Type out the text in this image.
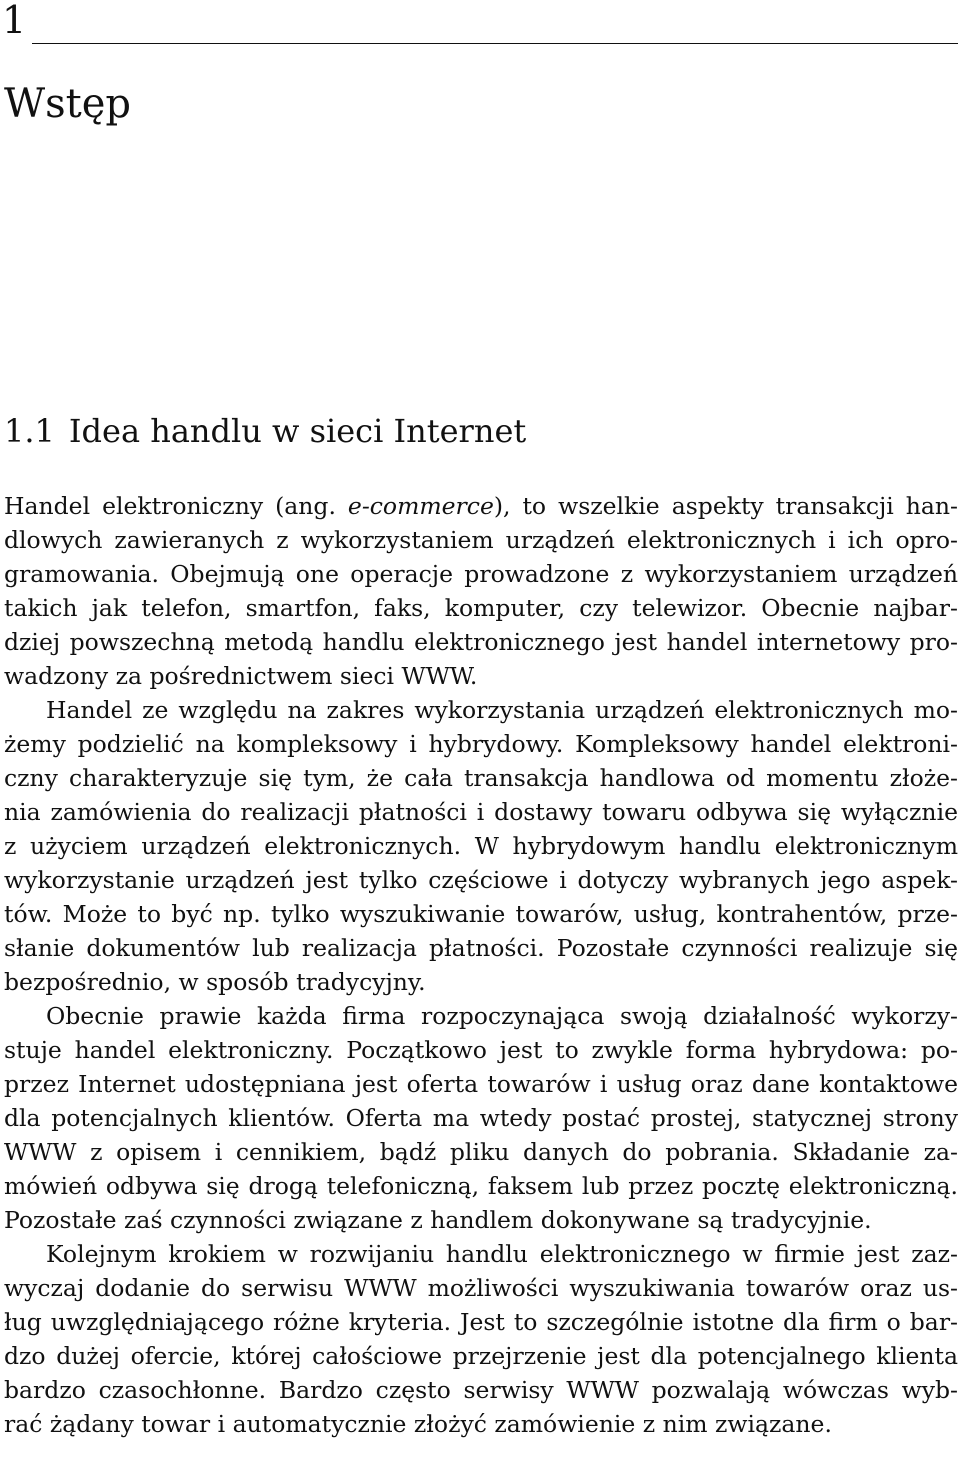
1
Wstęp
1.1 Idea handlu w sieci Internet
Handel elektroniczny (ang. e-commerce), to wszelkie aspekty transakcji han-
dlowych zawieranych z wykorzystaniem urządzeń elektronicznych i ich opro-
gramowania. Obejmują one operacje prowadzone z wykorzystaniem urządzeń
takich jak telefon, smartfon, faks, komputer, czy telewizor. Obecnie najbar-
dziej powszechną metodą handlu elektronicznego jest handel internetowy pro-
wadzony za pośrednictwem sieci WWW.
Handel ze względu na zakres wykorzystania urządzeń elektronicznych mo-
żemy podzielić na kompleksowy i hybrydowy. Kompleksowy handel elektroni-
czny charakteryzuje się tym, że cała transakcja handlowa od momentu złoże-
nia zamówienia do realizacji płatności i dostawy towaru odbywa się wyłącznie
z użyciem urządzeń elektronicznych. W hybrydowym handlu elektronicznym
wykorzystanie urządzeń jest tylko częściowe i dotyczy wybranych jego aspek-
tów. Może to być np. tylko wyszukiwanie towarów, usług, kontrahentów, prze-
słanie dokumentów lub realizacja płatności. Pozostałe czynności realizuje się
bezpośrednio, w sposób tradycyjny.
Obecnie prawie każda firma rozpoczynająca swoją działalność wykorzy-
stuje handel elektroniczny. Początkowo jest to zwykle forma hybrydowa: po-
przez Internet udostępniana jest oferta towarów i usług oraz dane kontaktowe
dla potencjalnych klientów. Oferta ma wtedy postać prostej, statycznej strony
WWW z opisem i cennikiem, bądź pliku danych do pobrania. Składanie za-
mówień odbywa się drogą telefoniczną, faksem lub przez pocztę elektroniczną.
Pozostałe zaś czynności związane z handlem dokonywane są tradycyjnie.
Kolejnym krokiem w rozwijaniu handlu elektronicznego w firmie jest zaz-
wyczaj dodanie do serwisu WWW możliwości wyszukiwania towarów oraz us-
ług uwzględniającego różne kryteria. Jest to szczególnie istotne dla firm o bar-
dzo dużej ofercie, której całościowe przejrzenie jest dla potencjalnego klienta
bardzo czasochłonne. Bardzo często serwisy WWW pozwalają wówczas wyb-
rać żądany towar i automatycznie złożyć zamówienie z nim związane.
